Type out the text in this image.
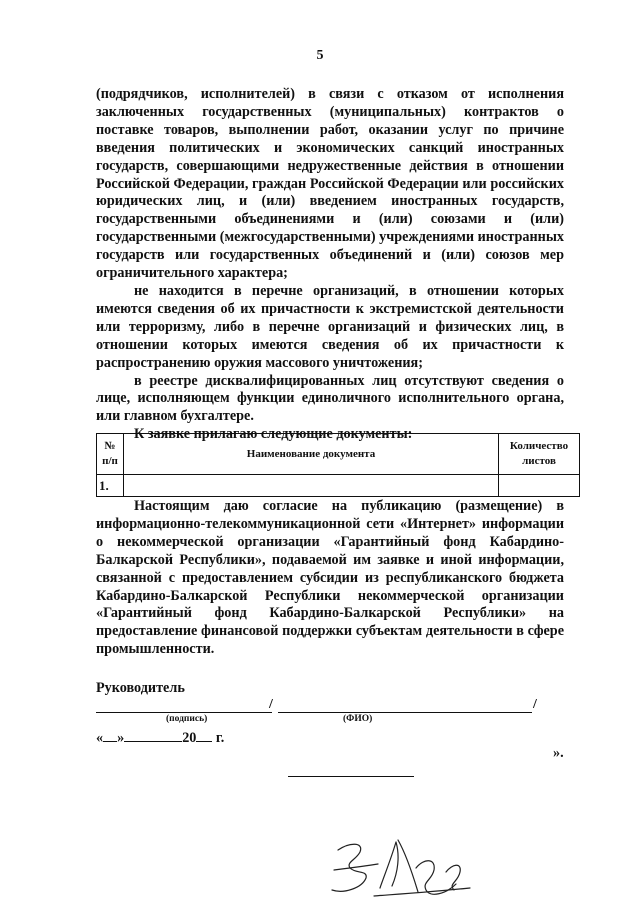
5

(подрядчиков, исполнителей) в связи с отказом от исполнения заключенных государственных (муниципальных) контрактов о поставке товаров, выполнении работ, оказании услуг по причине введения политических и экономических санкций иностранных государств, совершающими недружественные действия в отношении Российской Федерации, граждан Российской Федерации или российских юридических лиц, и (или) введением иностранных государств, государственными объединениями и (или) союзами и (или) государственными (межгосударственными) учреждениями иностранных государств или государственных объединений и (или) союзов мер ограничительного характера;

не находится в перечне организаций, в отношении которых имеются сведения об их причастности к экстремистской деятельности или терроризму, либо в перечне организаций и физических лиц, в отношении которых имеются сведения об их причастности к распространению оружия массового уничтожения;

в реестре дисквалифицированных лиц отсутствуют сведения о лице, исполняющем функции единоличного исполнительного органа, или главном бухгалтере.

К заявке прилагаю следующие документы:

№ п/п	Наименование документа	Количество листов
1.		

Настоящим даю согласие на публикацию (размещение) в информационно-телекоммуникационной сети «Интернет» информации о некоммерческой организации «Гарантийный фонд Кабардино-Балкарской Республики», подаваемой им заявке и иной информации, связанной с предоставлением субсидии из республиканского бюджета Кабардино-Балкарской Республики некоммерческой организации «Гарантийный фонд Кабардино-Балкарской Республики» на предоставление финансовой поддержки субъектам деятельности в сфере промышленности.

Руководитель
/	/
(подпись)	(ФИО)
« »	20 г.
».
